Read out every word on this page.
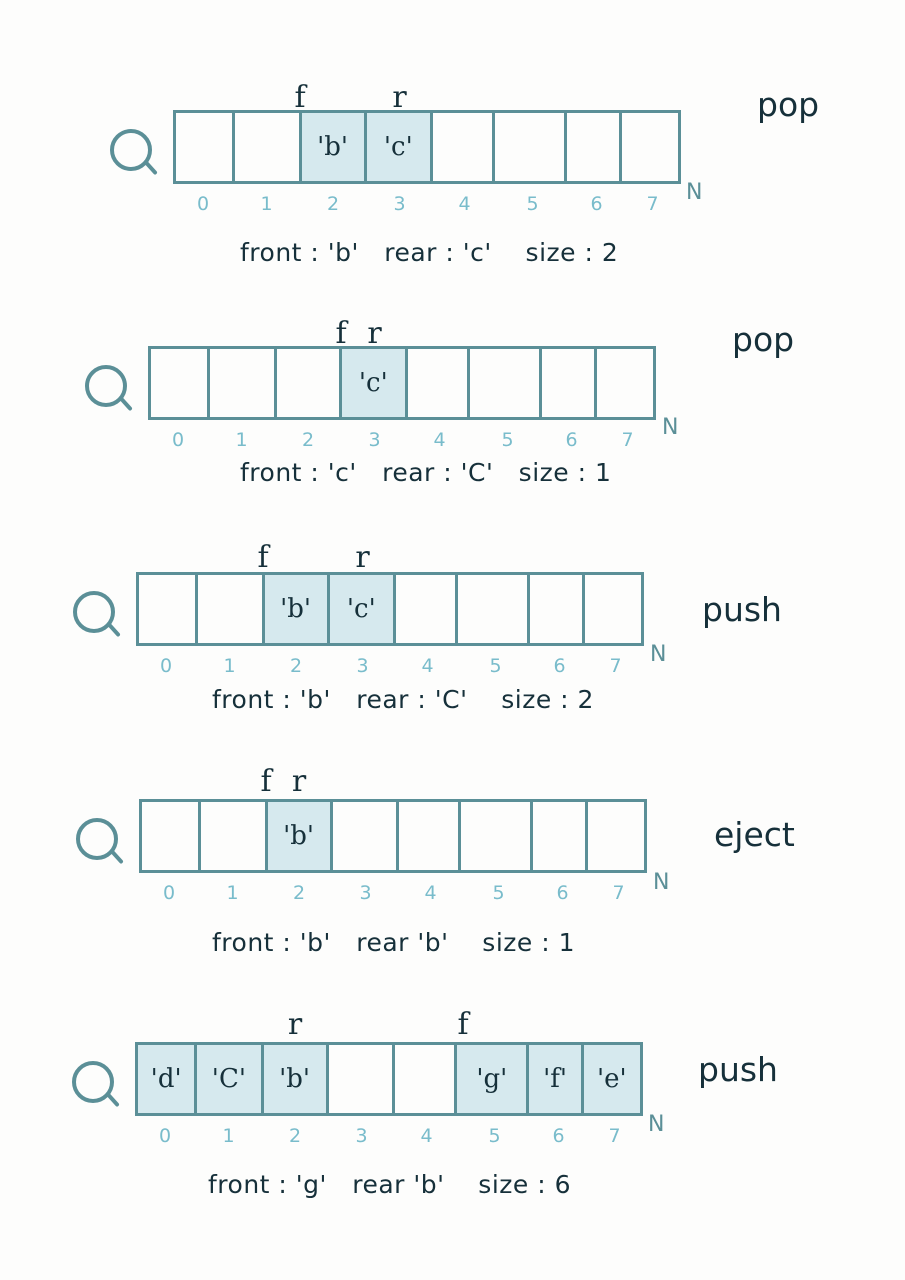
'b'	'c'
0	1	2	3	4	5	6	7	N
f	r
front : 'b'   rear : 'c'    size : 2
pop
'c'
0	1	2	3	4	5	6	7	N
f r
front : 'c'   rear : 'C'   size : 1
pop
'b'	'c'
0	1	2	3	4	5	6	7	N
f	r
front : 'b'   rear : 'C'    size : 2
push
'b'
0	1	2	3	4	5	6	7	N
f r
front : 'b'   rear 'b'    size : 1
eject
'd'	'C'	'b'	'g'	'f'	'e'
0	1	2	3	4	5	6	7	N
f
r
front : 'g'   rear 'b'    size : 6
push
